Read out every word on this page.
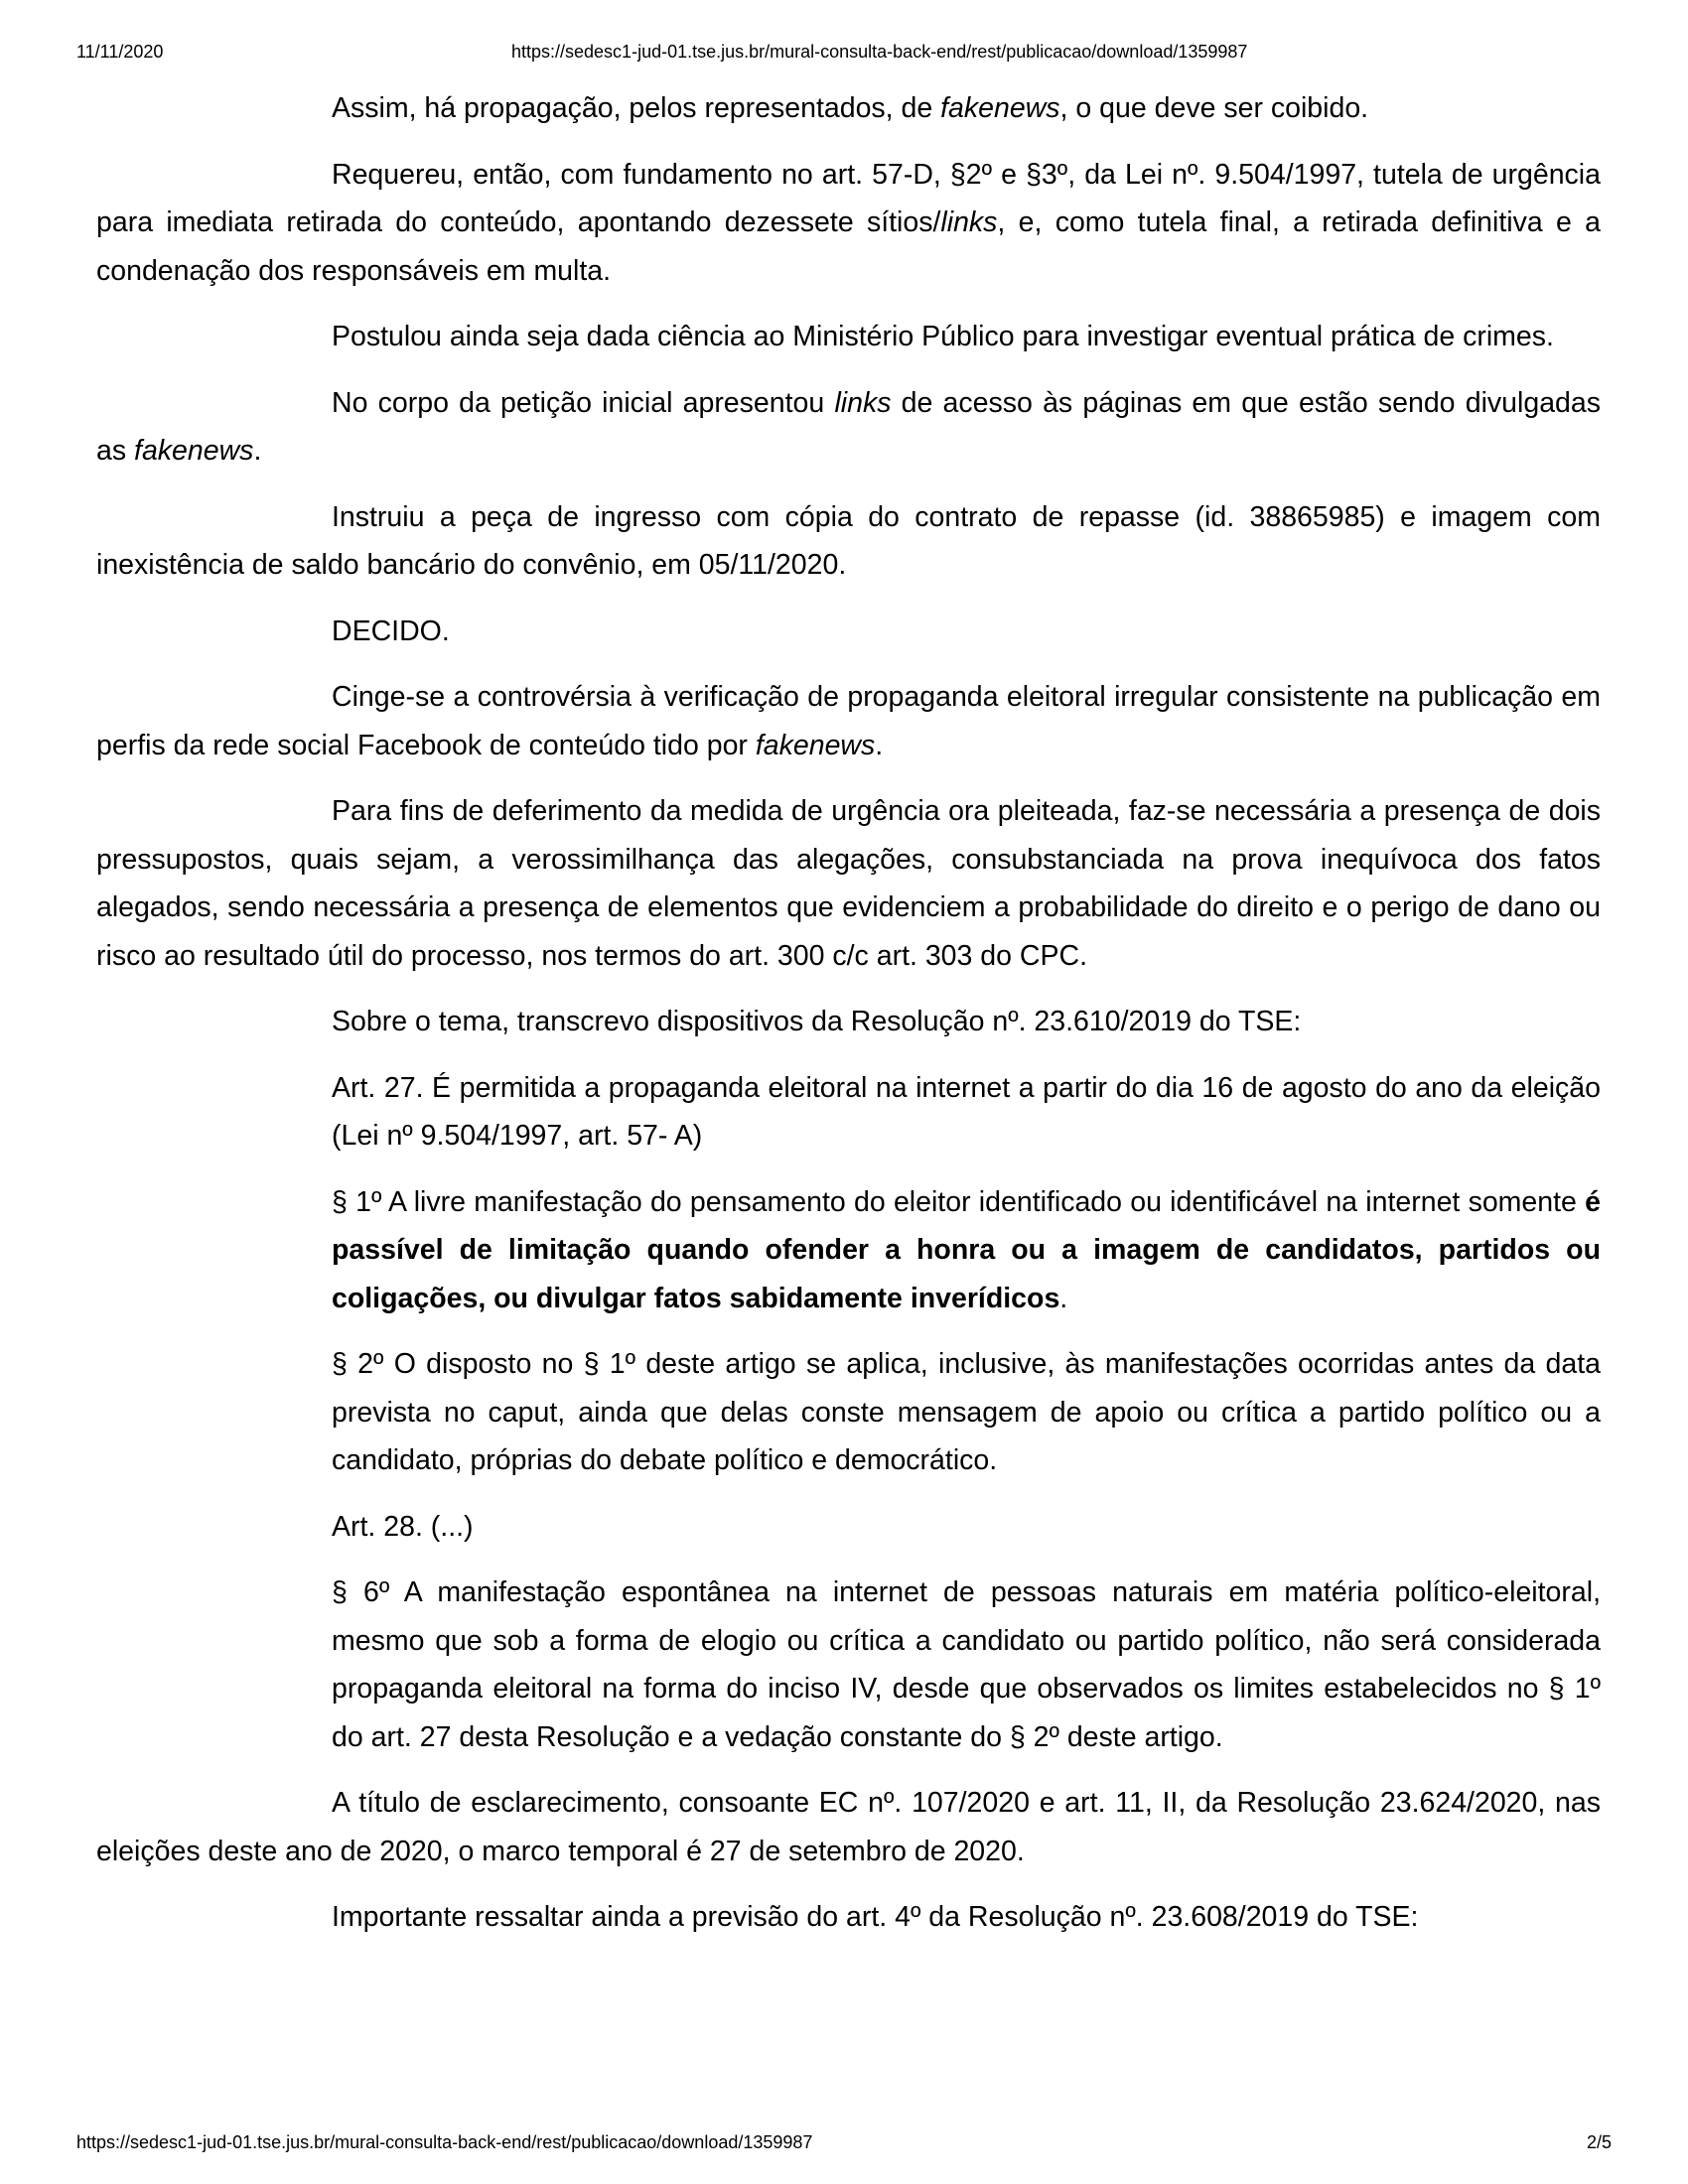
11/11/2020	https://sedesc1-jud-01.tse.jus.br/mural-consulta-back-end/rest/publicacao/download/1359987

Assim, há propagação, pelos representados, de fakenews, o que deve ser coibido.

Requereu, então, com fundamento no art. 57-D, §2º e §3º, da Lei nº. 9.504/1997, tutela de urgência para imediata retirada do conteúdo, apontando dezessete sítios/links, e, como tutela final, a retirada definitiva e a condenação dos responsáveis em multa.

Postulou ainda seja dada ciência ao Ministério Público para investigar eventual prática de crimes.

No corpo da petição inicial apresentou links de acesso às páginas em que estão sendo divulgadas as fakenews.

Instruiu a peça de ingresso com cópia do contrato de repasse (id. 38865985) e imagem com inexistência de saldo bancário do convênio, em 05/11/2020.

DECIDO.

Cinge-se a controvérsia à verificação de propaganda eleitoral irregular consistente na publicação em perfis da rede social Facebook de conteúdo tido por fakenews.

Para fins de deferimento da medida de urgência ora pleiteada, faz-se necessária a presença de dois pressupostos, quais sejam, a verossimilhança das alegações, consubstanciada na prova inequívoca dos fatos alegados, sendo necessária a presença de elementos que evidenciem a probabilidade do direito e o perigo de dano ou risco ao resultado útil do processo, nos termos do art. 300 c/c art. 303 do CPC.

Sobre o tema, transcrevo dispositivos da Resolução nº. 23.610/2019 do TSE:

Art. 27. É permitida a propaganda eleitoral na internet a partir do dia 16 de agosto do ano da eleição (Lei nº 9.504/1997, art. 57- A)

§ 1º A livre manifestação do pensamento do eleitor identificado ou identificável na internet somente é passível de limitação quando ofender a honra ou a imagem de candidatos, partidos ou coligações, ou divulgar fatos sabidamente inverídicos.

§ 2º O disposto no § 1º deste artigo se aplica, inclusive, às manifestações ocorridas antes da data prevista no caput, ainda que delas conste mensagem de apoio ou crítica a partido político ou a candidato, próprias do debate político e democrático.

Art. 28. (...)

§ 6º A manifestação espontânea na internet de pessoas naturais em matéria político-eleitoral, mesmo que sob a forma de elogio ou crítica a candidato ou partido político, não será considerada propaganda eleitoral na forma do inciso IV, desde que observados os limites estabelecidos no § 1º do art. 27 desta Resolução e a vedação constante do § 2º deste artigo.

A título de esclarecimento, consoante EC nº. 107/2020 e art. 11, II, da Resolução 23.624/2020, nas eleições deste ano de 2020, o marco temporal é 27 de setembro de 2020.

Importante ressaltar ainda a previsão do art. 4º da Resolução nº. 23.608/2019 do TSE:

https://sedesc1-jud-01.tse.jus.br/mural-consulta-back-end/rest/publicacao/download/1359987	2/5
